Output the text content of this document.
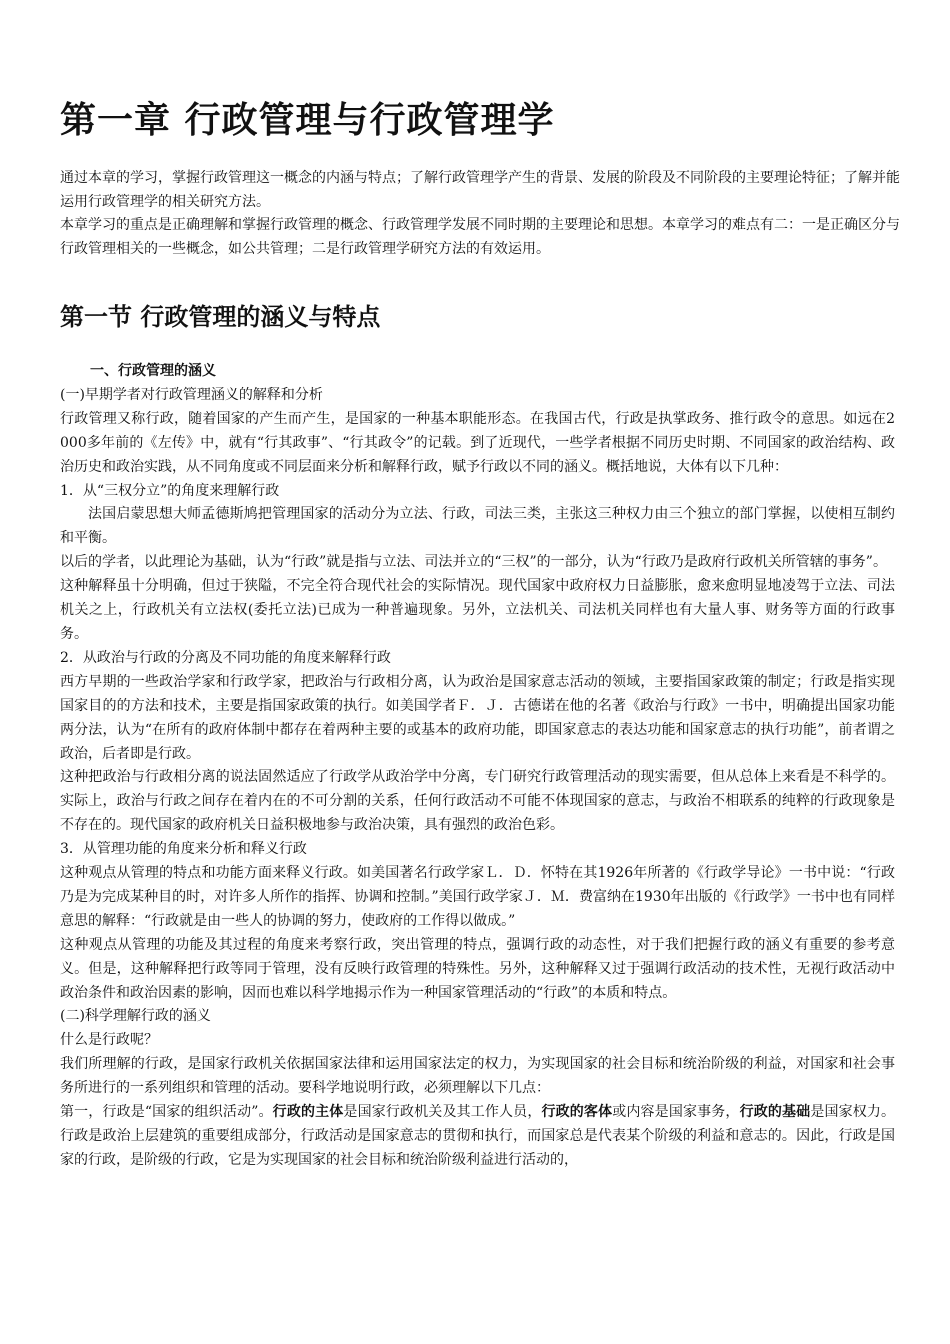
第一章 行政管理与行政管理学

通过本章的学习，掌握行政管理这一概念的内涵与特点；了解行政管理学产生的背景、发展的阶段及不同阶段的主要理论特征；了解并能运用行政管理学的相关研究方法。

本章学习的重点是正确理解和掌握行政管理的概念、行政管理学发展不同时期的主要理论和思想。本章学习的难点有二：一是正确区分与行政管理相关的一些概念，如公共管理；二是行政管理学研究方法的有效运用。

第一节 行政管理的涵义与特点

一、行政管理的涵义

(一)早期学者对行政管理涵义的解释和分析

行政管理又称行政，随着国家的产生而产生，是国家的一种基本职能形态。在我国古代，行政是执掌政务、推行政令的意思。如远在2 000多年前的《左传》中，就有“行其政事”、“行其政令”的记载。到了近现代，一些学者根据不同历史时期、不同国家的政治结构、政治历史和政治实践，从不同角度或不同层面来分析和解释行政，赋予行政以不同的涵义。概括地说，大体有以下几种：

1．从“三权分立”的角度来理解行政

法国启蒙思想大师孟德斯鸠把管理国家的活动分为立法、行政，司法三类，主张这三种权力由三个独立的部门掌握，以使相互制约和平衡。

以后的学者，以此理论为基础，认为“行政”就是指与立法、司法并立的“三权”的一部分，认为“行政乃是政府行政机关所管辖的事务”。

这种解释虽十分明确，但过于狭隘，不完全符合现代社会的实际情况。现代国家中政府权力日益膨胀，愈来愈明显地凌驾于立法、司法机关之上，行政机关有立法权(委托立法)已成为一种普遍现象。另外，立法机关、司法机关同样也有大量人事、财务等方面的行政事务。

2．从政治与行政的分离及不同功能的角度来解释行政

西方早期的一些政治学家和行政学家，把政治与行政相分离，认为政治是国家意志活动的领域，主要指国家政策的制定；行政是指实现国家目的的方法和技术，主要是指国家政策的执行。如美国学者Ｆ．Ｊ．古德诺在他的名著《政治与行政》一书中，明确提出国家功能两分法，认为“在所有的政府体制中都存在着两种主要的或基本的政府功能，即国家意志的表达功能和国家意志的执行功能”，前者谓之政治，后者即是行政。

这种把政治与行政相分离的说法固然适应了行政学从政治学中分离，专门研究行政管理活动的现实需要，但从总体上来看是不科学的。实际上，政治与行政之间存在着内在的不可分割的关系，任何行政活动不可能不体现国家的意志，与政治不相联系的纯粹的行政现象是不存在的。现代国家的政府机关日益积极地参与政治决策，具有强烈的政治色彩。

3．从管理功能的角度来分析和释义行政

这种观点从管理的特点和功能方面来释义行政。如美国著名行政学家Ｌ．Ｄ．怀特在其1926年所著的《行政学导论》一书中说：“行政乃是为完成某种目的时，对许多人所作的指挥、协调和控制。”美国行政学家Ｊ．Ｍ．费富纳在1930年出版的《行政学》一书中也有同样意思的解释：“行政就是由一些人的协调的努力，使政府的工作得以做成。”

这种观点从管理的功能及其过程的角度来考察行政，突出管理的特点，强调行政的动态性，对于我们把握行政的涵义有重要的参考意义。但是，这种解释把行政等同于管理，没有反映行政管理的特殊性。另外，这种解释又过于强调行政活动的技术性，无视行政活动中政治条件和政治因素的影响，因而也难以科学地揭示作为一种国家管理活动的“行政”的本质和特点。

(二)科学理解行政的涵义

什么是行政呢？

我们所理解的行政，是国家行政机关依据国家法律和运用国家法定的权力，为实现国家的社会目标和统治阶级的利益，对国家和社会事务所进行的一系列组织和管理的活动。要科学地说明行政，必须理解以下几点：

第一，行政是“国家的组织活动”。行政的主体是国家行政机关及其工作人员，行政的客体或内容是国家事务，行政的基础是国家权力。行政是政治上层建筑的重要组成部分，行政活动是国家意志的贯彻和执行，而国家总是代表某个阶级的利益和意志的。因此，行政是国家的行政，是阶级的行政，它是为实现国家的社会目标和统治阶级利益进行活动的，
